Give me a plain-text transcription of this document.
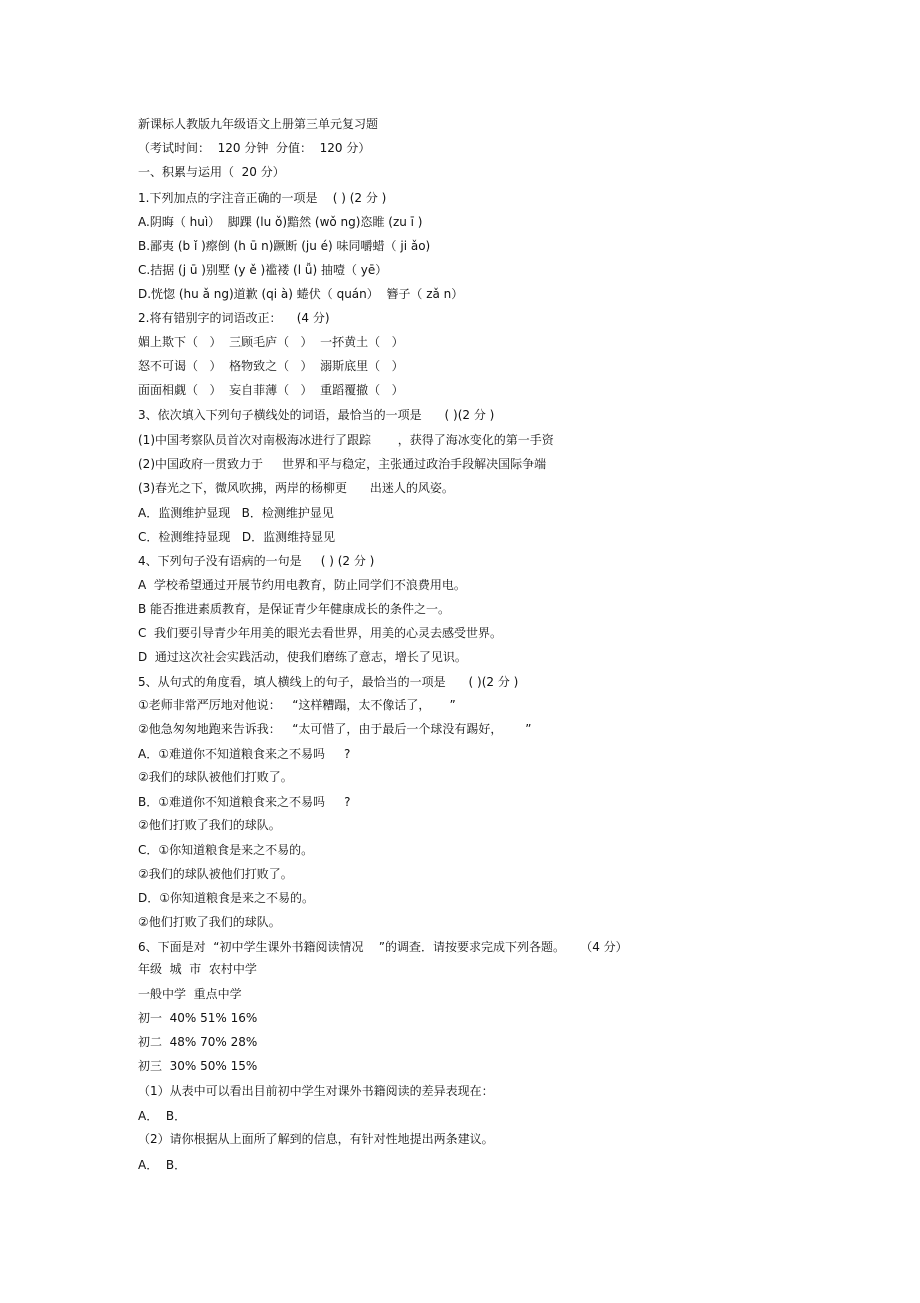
新课标人教版九年级语文上册第三单元复习题

（考试时间：  120 分钟  分值：  120 分）

一、积累与运用（  20 分）

1.下列加点的字注音正确的一项是    ( ) (2 分 )

A.阴晦（ huì）  脚踝 (lu ǒ)黯然 (wǒ ng)恣睢 (zu ī )

B.鄙夷 (b ǐ )瘵倒 (h ū n)蹶断 (ju é) 味同嚼蜡（ ji ǎo)

C.拮据 (j ū )别墅 (y ě )褴褛 (l ǚ) 抽噎（ yē）

D.恍惚 (hu ǎ ng)道歉 (qi à) 蜷伏（ quán）  簪子（ zǎ n）

2.将有错别字的词语改正：    (4 分)

媚上欺下（   ）  三顾毛庐（   ）  一抔黄土（   ）

怒不可谒（   ）  格物致之（   ）  溺斯底里（   ）

面面相觑（   ）  妄自菲薄（   ）  重蹈覆撤（   ）

3、依次填入下列句子横线处的词语，最恰当的一项是      ( )(2 分 )

(1)中国考察队员首次对南极海冰进行了跟踪       ，获得了海冰变化的第一手资

(2)中国政府一贯致力于     世界和平与稳定，主张通过政治手段解决国际争端

(3)春光之下，微风吹拂，两岸的杨柳更      出迷人的风姿。

A．监测维护显现   B．检测维护显见

C．检测维持显现   D．监测维持显见

4、下列句子没有语病的一句是     ( ) (2 分 )

A  学校希望通过开展节约用电教育，防止同学们不浪费用电。

B 能否推进素质教育，是保证青少年健康成长的条件之一。

C  我们要引导青少年用美的眼光去看世界，用美的心灵去感受世界。

D  通过这次社会实践活动，使我们磨练了意志，增长了见识。

5、从句式的角度看，填人横线上的句子，最恰当的一项是      ( )(2 分 )

①老师非常严厉地对他说：   “这样糟蹋，太不像话了，     ”

②他急匆匆地跑来告诉我：   “太可惜了，由于最后一个球没有踢好，      ”

A．①难道你不知道粮食来之不易吗     ?

②我们的球队被他们打败了。

B．①难道你不知道粮食来之不易吗     ?

②他们打败了我们的球队。

C．①你知道粮食是来之不易的。

②我们的球队被他们打败了。

D．①你知道粮食是来之不易的。

②他们打败了我们的球队。

6、下面是对  “初中学生课外书籍阅读情况    ”的调查．请按要求完成下列各题。    （4 分）

年级  城  市  农村中学

一般中学  重点中学

初一  40% 51% 16%

初二  48% 70% 28%

初三  30% 50% 15%

（1）从表中可以看出目前初中学生对课外书籍阅读的差异表现在：

A．  B．

（2）请你根据从上面所了解到的信息，有针对性地提出两条建议。

A．  B．
